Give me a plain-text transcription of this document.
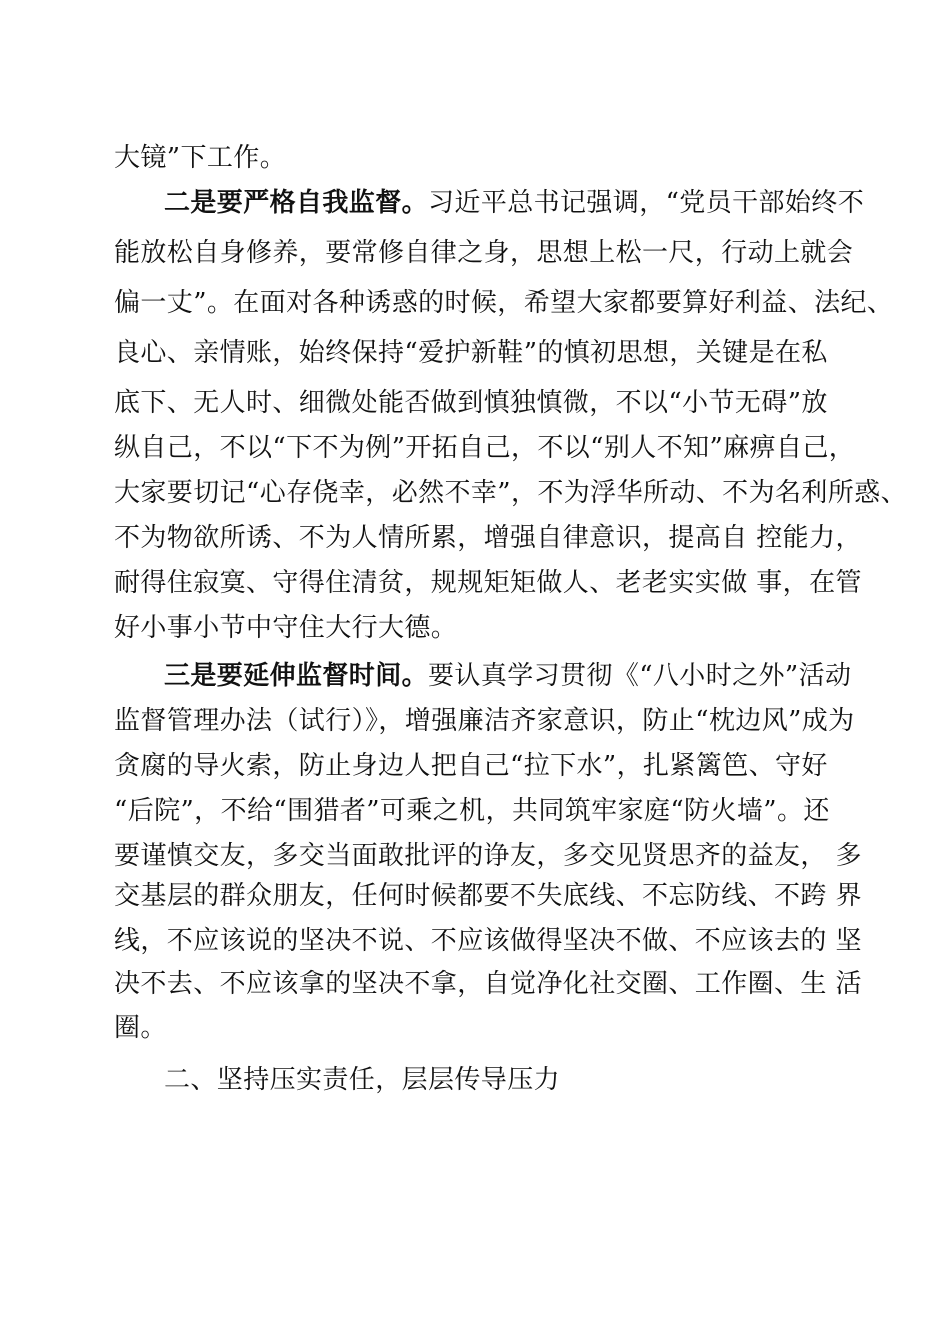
大镜”下工作。
二是要严格自我监督。习近平总书记强调，“党员干部始终不
能放松自身修养，要常修自律之身，思想上松一尺，行动上就会
偏一丈”。在面对各种诱惑的时候，希望大家都要算好利益、法纪、
良心、亲情账，始终保持“爱护新鞋”的慎初思想，关键是在私
底下、无人时、细微处能否做到慎独慎微，不以“小节无碍”放
纵自己，不以“下不为例”开拓自己，不以“别人不知”麻痹自己，
大家要切记“心存侥幸，必然不幸”，不为浮华所动、不为名利所惑、
不为物欲所诱、不为人情所累，增强自律意识，提高自 控能力，
耐得住寂寞、守得住清贫，规规矩矩做人、老老实实做 事，在管
好小事小节中守住大行大德。
三是要延伸监督时间。要认真学习贯彻《“八小时之外”活动
监督管理办法（试行）》，增强廉洁齐家意识，防止“枕边风”成为
贪腐的导火索，防止身边人把自己“拉下水”，扎紧篱笆、守好
“后院”，不给“围猎者”可乘之机，共同筑牢家庭“防火墙”。还
要谨慎交友，多交当面敢批评的诤友，多交见贤思齐的益友， 多
交基层的群众朋友，任何时候都要不失底线、不忘防线、不跨 界
线，不应该说的坚决不说、不应该做得坚决不做、不应该去的 坚
决不去、不应该拿的坚决不拿，自觉净化社交圈、工作圈、生 活
圈。
二、坚持压实责任，层层传导压力
